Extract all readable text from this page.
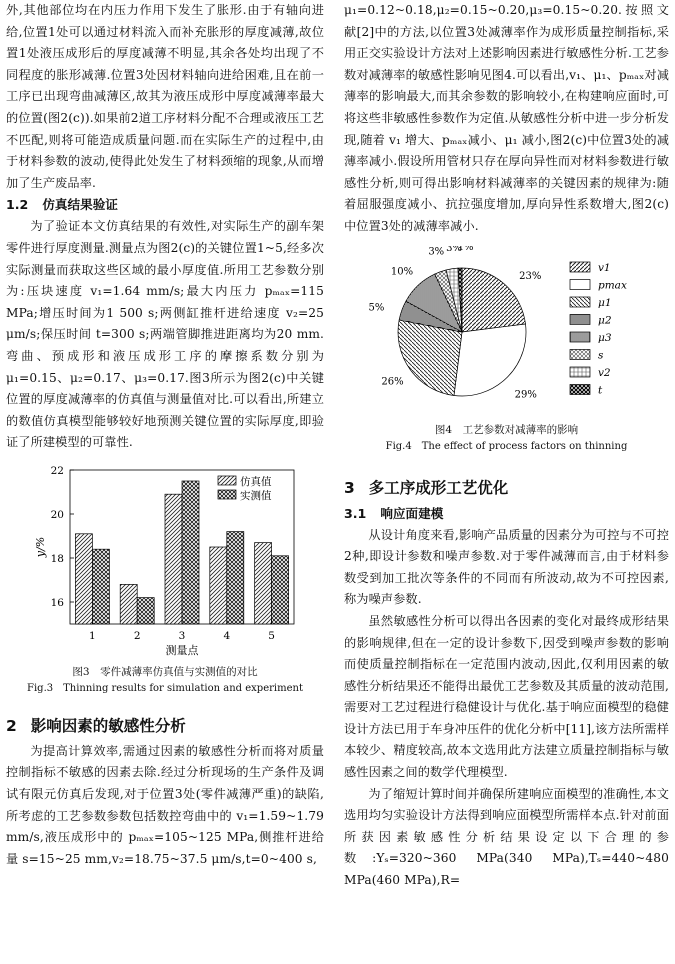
外,其他部位均在内压力作用下发生了胀形.由于有轴向进给,位置1处可以通过材料流入而补充胀形的厚度减薄,故位置1处液压成形后的厚度减薄不明显,其余各处均出现了不同程度的胀形减薄.位置3处因材料轴向进给困难,且在前一工序已出现弯曲减薄区,故其为液压成形中厚度减薄率最大的位置(图2(c)).如果前2道工序材料分配不合理或液压工艺不匹配,则将可能造成质量问题.而在实际生产的过程中,由于材料参数的波动,使得此处发生了材料颈缩的现象,从而增加了生产废品率.

1.2 仿真结果验证

为了验证本文仿真结果的有效性,对实际生产的副车架零件进行厚度测量.测量点为图2(c)的关键位置1~5,经多次实际测量而获取这些区域的最小厚度值.所用工艺参数分别为:压块速度 v₁=1.64 mm/s;最大内压力 pₘₐₓ=115 MPa;增压时间为1 500 s;两侧缸推杆进给速度 v₂=25 μm/s;保压时间 t=300 s;两端管脚推进距离均为20 mm.弯曲、预成形和液压成形工序的摩擦系数分别为 μ₁=0.15、μ₂=0.17、μ₃=0.17.图3所示为图2(c)中关键位置的厚度减薄率的仿真值与测量值对比.可以看出,所建立的数值仿真模型能够较好地预测关键位置的实际厚度,即验证了所建模型的可靠性.

16
18
20
22
1	2	3	4	5
测量点
y/%
仿真值
实测值

图3　零件减薄率仿真值与实测值的对比

Fig.3　Thinning results for simulation and experiment

2 影响因素的敏感性分析

为提高计算效率,需通过因素的敏感性分析而将对质量控制指标不敏感的因素去除.经过分析现场的生产条件及调试有限元仿真后发现,对于位置3处(零件减薄严重)的缺陷,所考虑的工艺参数参数包括数控弯曲中的 v₁=1.59~1.79 mm/s,液压成形中的 pₘₐₓ=105~125 MPa,侧推杆进给量 s=15~25 mm,v₂=18.75~37.5 μm/s,t=0~400 s,

μ₁=0.12~0.18,μ₂=0.15~0.20,μ₃=0.15~0.20.按照文献[2]中的方法,以位置3处减薄率作为成形质量控制指标,采用正交实验设计方法对上述影响因素进行敏感性分析.工艺参数对减薄率的敏感性影响见图4.可以看出,v₁、μ₁、pₘₐₓ对减薄率的影响最大,而其余参数的影响较小,在构建响应面时,可将这些非敏感性参数作为定值.从敏感性分析中进一步分析发现,随着 v₁ 增大、pₘₐₓ减小、μ₁ 减小,图2(c)中位置3处的减薄率减小.假设所用管材只存在厚向异性而对材料参数进行敏感性分析,则可得出影响材料减薄率的关键因素的规律为:随着屈服强度减小、抗拉强度增加,厚向异性系数增大,图2(c)中位置3处的减薄率减小.

23%
29%
26%
5%
10%
3% 3%
1%
v1
pmax
μ1
μ2
μ3
s
v2
t

图4　工艺参数对减薄率的影响

Fig.4　The effect of process factors on thinning

3 多工序成形工艺优化
3.1 响应面建模

从设计角度来看,影响产品质量的因素分为可控与不可控2种,即设计参数和噪声参数.对于零件减薄而言,由于材料参数受到加工批次等条件的不同而有所波动,故为不可控因素,称为噪声参数.

虽然敏感性分析可以得出各因素的变化对最终成形结果的影响规律,但在一定的设计参数下,因受到噪声参数的影响而使质量控制指标在一定范围内波动,因此,仅利用因素的敏感性分析结果还不能得出最优工艺参数及其质量的波动范围,需要对工艺过程进行稳健设计与优化.基于响应面模型的稳健设计方法已用于车身冲压件的优化分析中[11],该方法所需样本较少、精度较高,故本文选用此方法建立质量控制指标与敏感性因素之间的数学代理模型.

为了缩短计算时间并确保所建响应面模型的准确性,本文选用均匀实验设计方法得到响应面模型所需样本点.针对前面所获因素敏感性分析结果设定以下合理的参数:Yₛ=320~360 MPa(340 MPa),Tₛ=440~480 MPa(460 MPa),R=
